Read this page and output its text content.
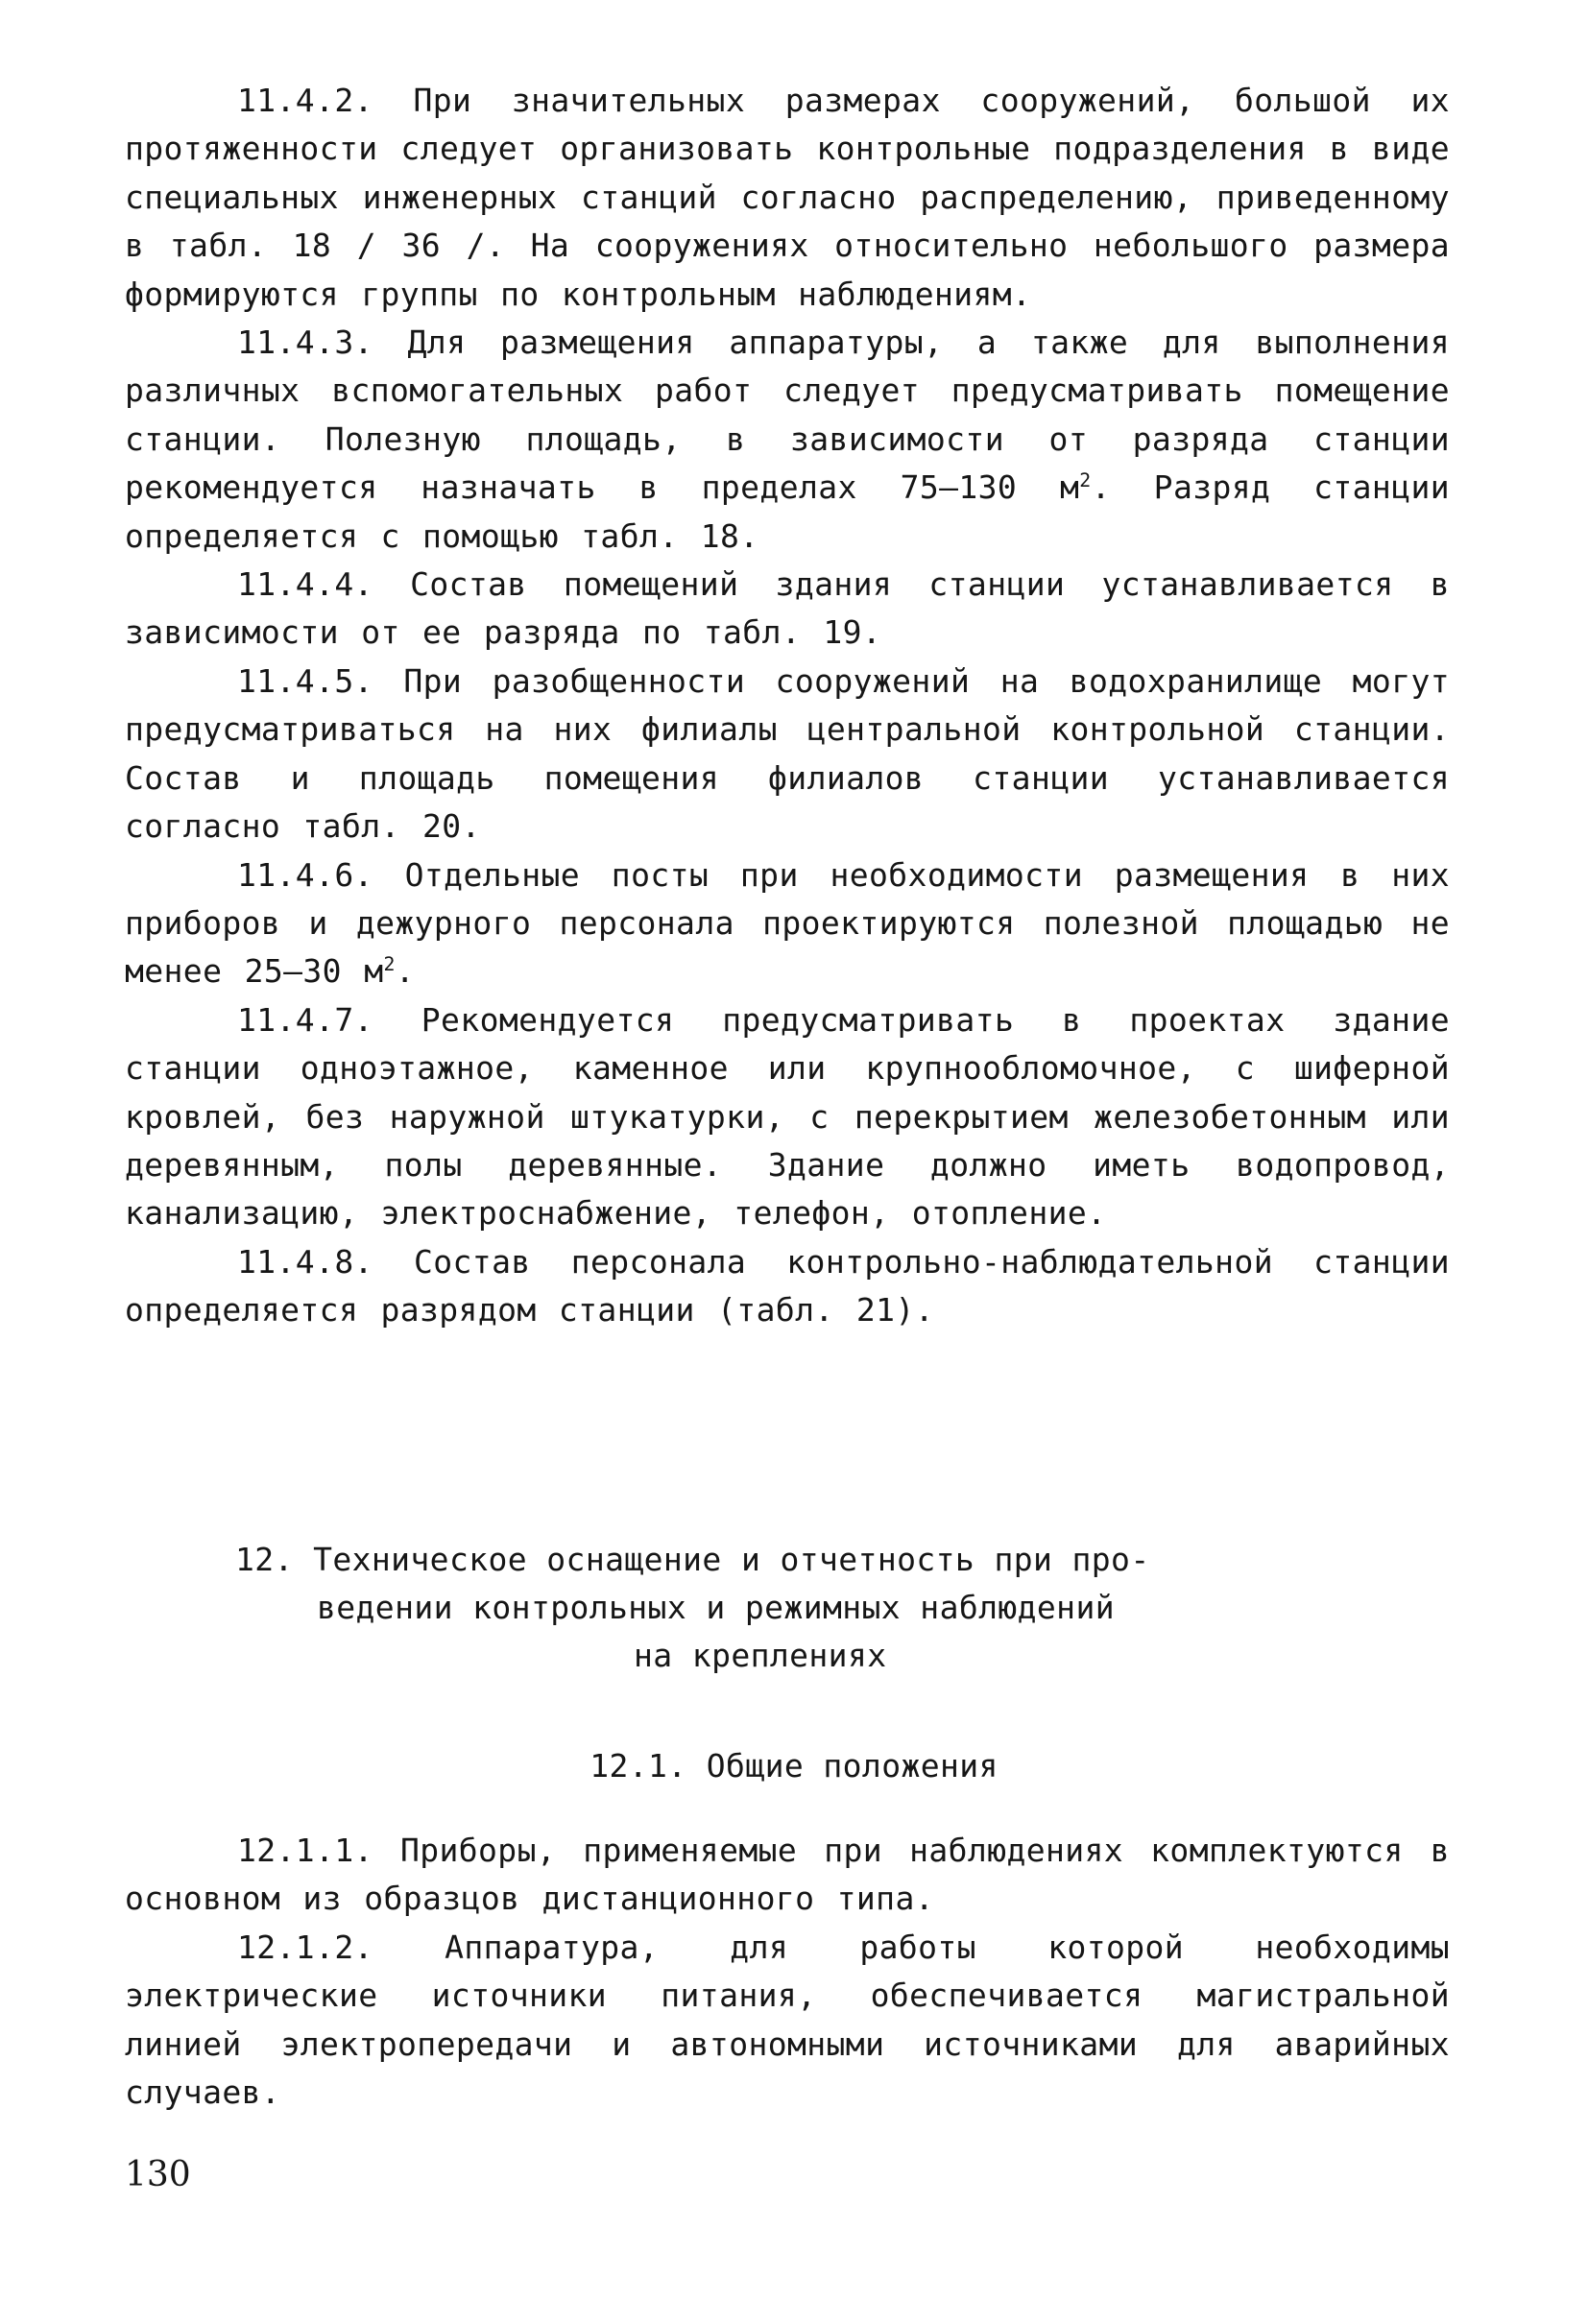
11.4.2. При значительных размерах сооружений, большой их протяженности следует организовать контрольные подразделения в виде специальных инженерных станций согласно распределению, приведенному в табл. 18 / 36 /. На сооружениях относительно небольшого размера формируются группы по контрольным наблюдениям.

11.4.3. Для размещения аппаратуры, а также для выполнения различных вспомогательных работ следует предусматривать помещение станции. Полезную площадь, в зависимости от разряда станции рекомендуется назначать в пределах 75–130 $м^2$. Разряд станции определяется с помощью табл. 18.

11.4.4. Состав помещений здания станции устанавливается в зависимости от ее разряда по табл. 19.

11.4.5. При разобщенности сооружений на водохранилище могут предусматриваться на них филиалы центральной контрольной станции. Состав и площадь помещения филиалов станции устанавливается согласно табл. 20.

11.4.6. Отдельные посты при необходимости размещения в них приборов и дежурного персонала проектируются полезной площадью не менее 25–30 $м^2$.

11.4.7. Рекомендуется предусматривать в проектах здание станции одноэтажное, каменное или крупнообломочное, с шиферной кровлей, без наружной штукатурки, с перекрытием железобетонным или деревянным, полы деревянные. Здание должно иметь водопровод, канализацию, электроснабжение, телефон, отопление.

11.4.8. Состав персонала контрольно-наблюдательной станции определяется разрядом станции (табл. 21).

12. Техническое оснащение и отчетность при про-
ведении контрольных и режимных наблюдений
на креплениях
12.1. Общие положения

12.1.1. Приборы, применяемые при наблюдениях комплектуются в основном из образцов дистанционного типа.

12.1.2. Аппаратура, для работы которой необходимы электрические источники питания, обеспечивается магистральной линией электропередачи и автономными источниками для аварийных случаев.

130
